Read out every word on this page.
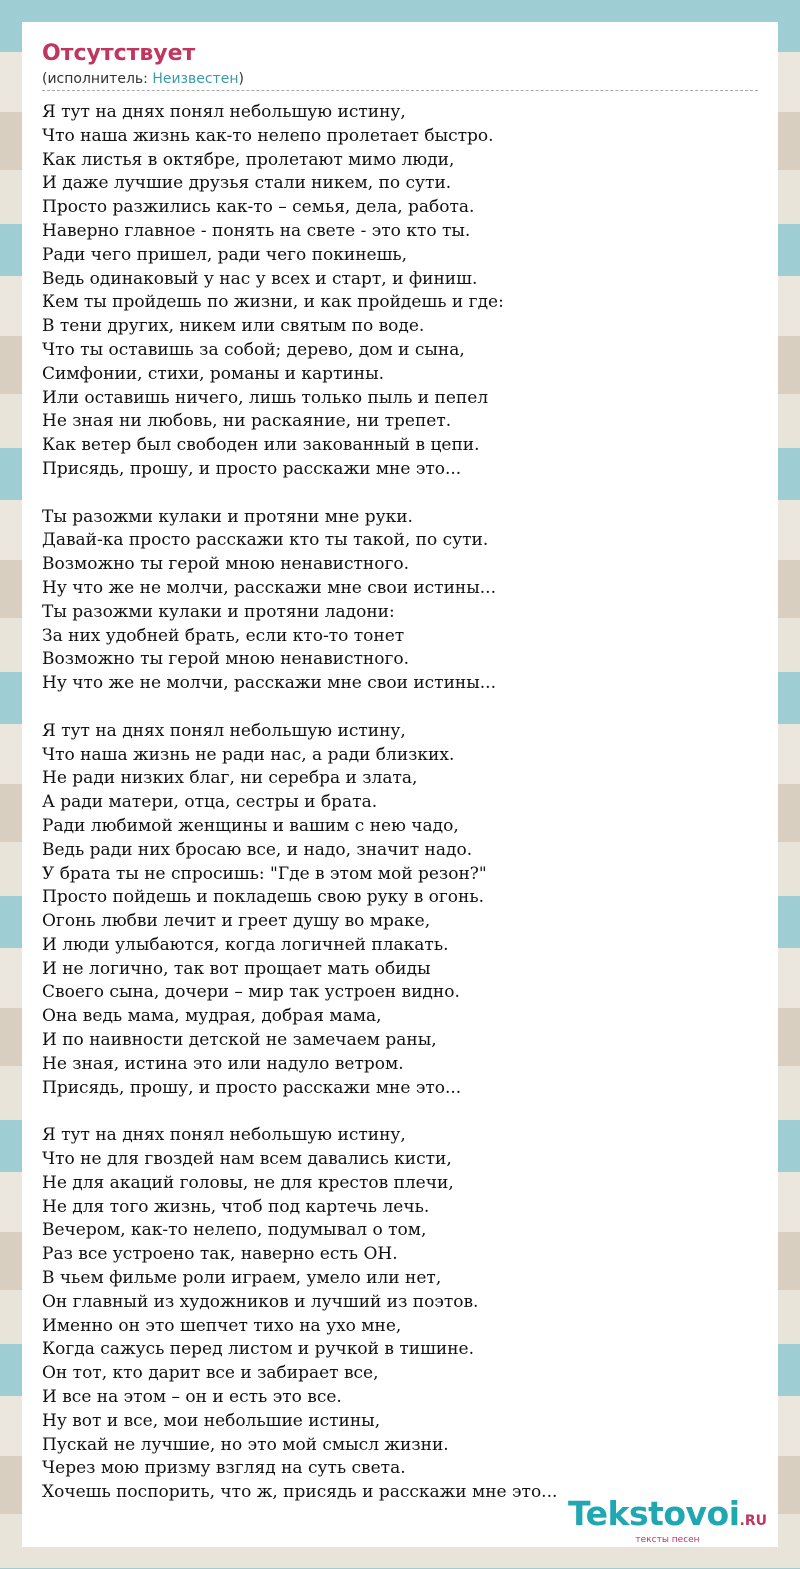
Отсутствует
(исполнитель: Неизвестен)
Я тут на днях понял небольшую истину,
Что наша жизнь как-то нелепо пролетает быстро.
Как листья в октябре, пролетают мимо люди,
И даже лучшие друзья стали никем, по сути.
Просто разжились как-то – семья, дела, работа.
Наверно главное - понять на свете - это кто ты.
Ради чего пришел, ради чего покинешь,
Ведь одинаковый у нас у всех и старт, и финиш.
Кем ты пройдешь по жизни, и как пройдешь и где:
В тени других, никем или святым по воде.
Что ты оставишь за собой; дерево, дом и сына,
Симфонии, стихи, романы и картины.
Или оставишь ничего, лишь только пыль и пепел
Не зная ни любовь, ни раскаяние, ни трепет.
Как ветер был свободен или закованный в цепи.
Присядь, прошу, и просто расскажи мне это...
Ты разожми кулаки и протяни мне руки.
Давай-ка просто расскажи кто ты такой, по сути.
Возможно ты герой мною ненавистного.
Ну что же не молчи, расскажи мне свои истины...
Ты разожми кулаки и протяни ладони:
За них удобней брать, если кто-то тонет
Возможно ты герой мною ненавистного.
Ну что же не молчи, расскажи мне свои истины...
Я тут на днях понял небольшую истину,
Что наша жизнь не ради нас, а ради близких.
Не ради низких благ, ни серебра и злата,
А ради матери, отца, сестры и брата.
Ради любимой женщины и вашим с нею чадо,
Ведь ради них бросаю все, и надо, значит надо.
У брата ты не спросишь: "Где в этом мой резон?"
Просто пойдешь и покладешь свою руку в огонь.
Огонь любви лечит и греет душу во мраке,
И люди улыбаются, когда логичней плакать.
И не логично, так вот прощает мать обиды
Своего сына, дочери – мир так устроен видно.
Она ведь мама, мудрая, добрая мама,
И по наивности детской не замечаем раны,
Не зная, истина это или надуло ветром.
Присядь, прошу, и просто расскажи мне это...
Я тут на днях понял небольшую истину,
Что не для гвоздей нам всем давались кисти,
Не для акаций головы, не для крестов плечи,
Не для того жизнь, чтоб под картечь лечь.
Вечером, как-то нелепо, подумывал о том,
Раз все устроено так, наверно есть ОН.
В чьем фильме роли играем, умело или нет,
Он главный из художников и лучший из поэтов.
Именно он это шепчет тихо на ухо мне,
Когда сажусь перед листом и ручкой в тишине.
Он тот, кто дарит все и забирает все,
И все на этом – он и есть это все.
Ну вот и все, мои небольшие истины,
Пускай не лучшие, но это мой смысл жизни.
Через мою призму взгляд на суть света.
Хочешь поспорить, что ж, присядь и расскажи мне это...
Tekstovoi.RU
тексты песен
